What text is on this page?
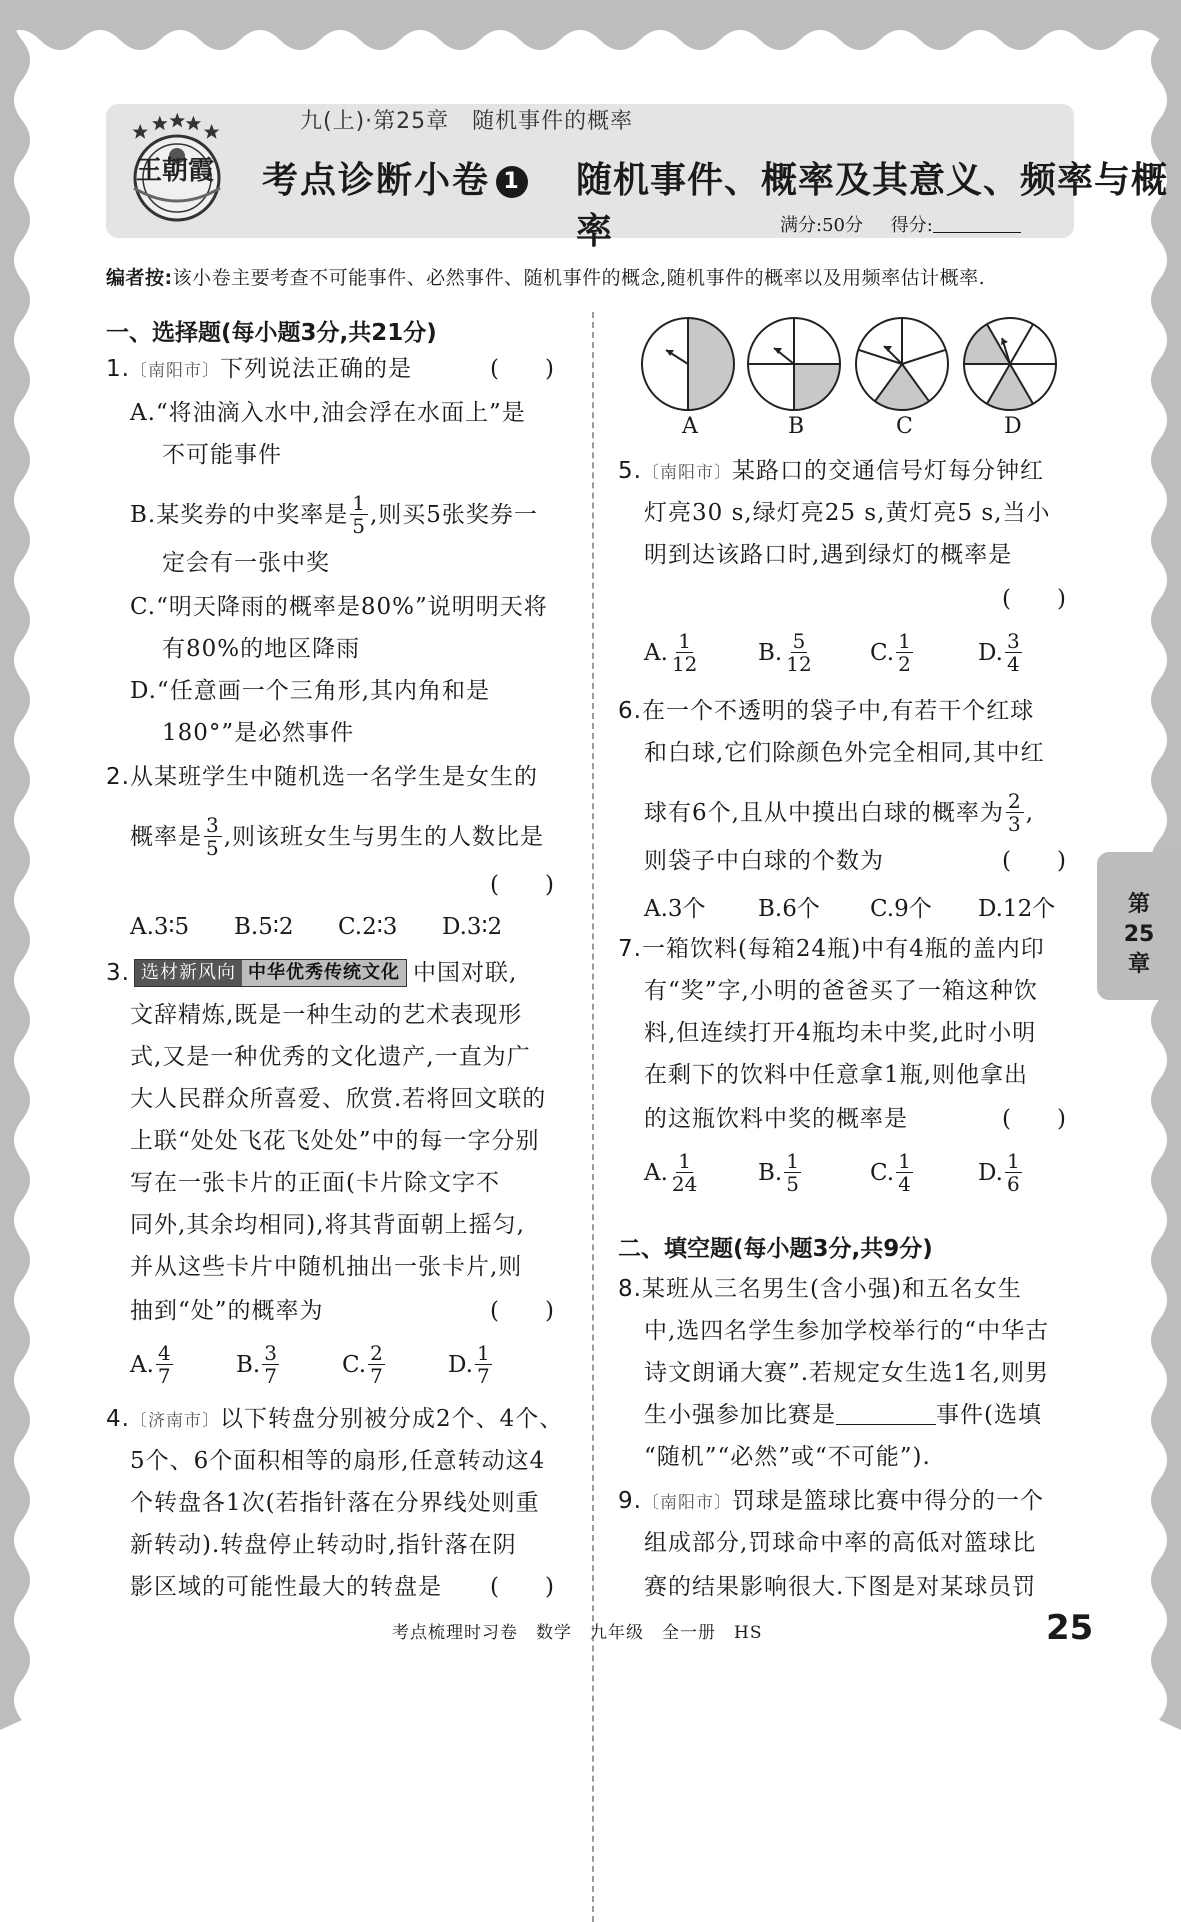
王朝霞
九(上)·第25章　随机事件的概率
考点诊断小卷 1 随机事件、概率及其意义、频率与概率	满分:50分 得分:
编者按:该小卷主要考查不可能事件、必然事件、随机事件的概念,随机事件的概率以及用频率估计概率.
一、选择题(每小题3分,共21分)
1.〔南阳市〕下列说法正确的是	(　　)
A.“将油滴入水中,油会浮在水面上”是
不可能事件
B.某奖券的中奖率是 $\frac{1}{5}$ ,则买5张奖券一
定会有一张中奖
C.“明天降雨的概率是80%”说明明天将
有80%的地区降雨
D.“任意画一个三角形,其内角和是
180°”是必然事件
2.从某班学生中随机选一名学生是女生的
概率是 $\frac{3}{5}$ ,则该班女生与男生的人数比是
(　　)
A.3∶5	B.5∶2	C.2∶3	D.3∶2
3. 选材新风向 中华优秀传统文化 中国对联,
文辞精炼,既是一种生动的艺术表现形
式,又是一种优秀的文化遗产,一直为广
大人民群众所喜爱、欣赏.若将回文联的
上联“处处飞花飞处处”中的每一字分别
写在一张卡片的正面(卡片除文字不
同外,其余均相同),将其背面朝上摇匀,
并从这些卡片中随机抽出一张卡片,则
抽到“处”的概率为	(　　)
A. $\frac{4}{7}$	B. $\frac{3}{7}$	C. $\frac{2}{7}$	D. $\frac{1}{7}$
4.〔济南市〕以下转盘分别被分成2个、4个、
5个、6个面积相等的扇形,任意转动这4
个转盘各1次(若指针落在分界线处则重
新转动).转盘停止转动时,指针落在阴
影区域的可能性最大的转盘是 (　　)
A	B	C	D
5.〔南阳市〕某路口的交通信号灯每分钟红
灯亮30 s,绿灯亮25 s,黄灯亮5 s,当小
明到达该路口时,遇到绿灯的概率是
(　　)
A. $\frac{1}{12}$	B. $\frac{5}{12} C$. $\frac{1}{2}$	D. $\frac{3}{4}$
6.在一个不透明的袋子中,有若干个红球
和白球,它们除颜色外完全相同,其中红
球有6个,且从中摸出白球的概率为 $\frac{2}{3}$ ,
则袋子中白球的个数为	(　　)
A.3个	B.6个	C.9个	D.12个
7.一箱饮料(每箱24瓶)中有4瓶的盖内印
有“奖”字,小明的爸爸买了一箱这种饮
料,但连续打开4瓶均未中奖,此时小明
在剩下的饮料中任意拿1瓶,则他拿出
的这瓶饮料中奖的概率是	(　　)
A. $\frac{1}{24}$	B. $\frac{1}{5}$	C. $\frac{1}{4}$	D. $\frac{1}{6}$
二、填空题(每小题3分,共9分)
8.某班从三名男生(含小强)和五名女生
中,选四名学生参加学校举行的“中华古
诗文朗诵大赛”.若规定女生选1名,则男
生小强参加比赛是	事件(选填
“随机”“必然”或“不可能”).
9.〔南阳市〕罚球是篮球比赛中得分的一个
组成部分,罚球命中率的高低对篮球比
赛的结果影响很大.下图是对某球员罚
第
25
章
考点梳理时习卷　数学　九年级　全一册　HS	25
